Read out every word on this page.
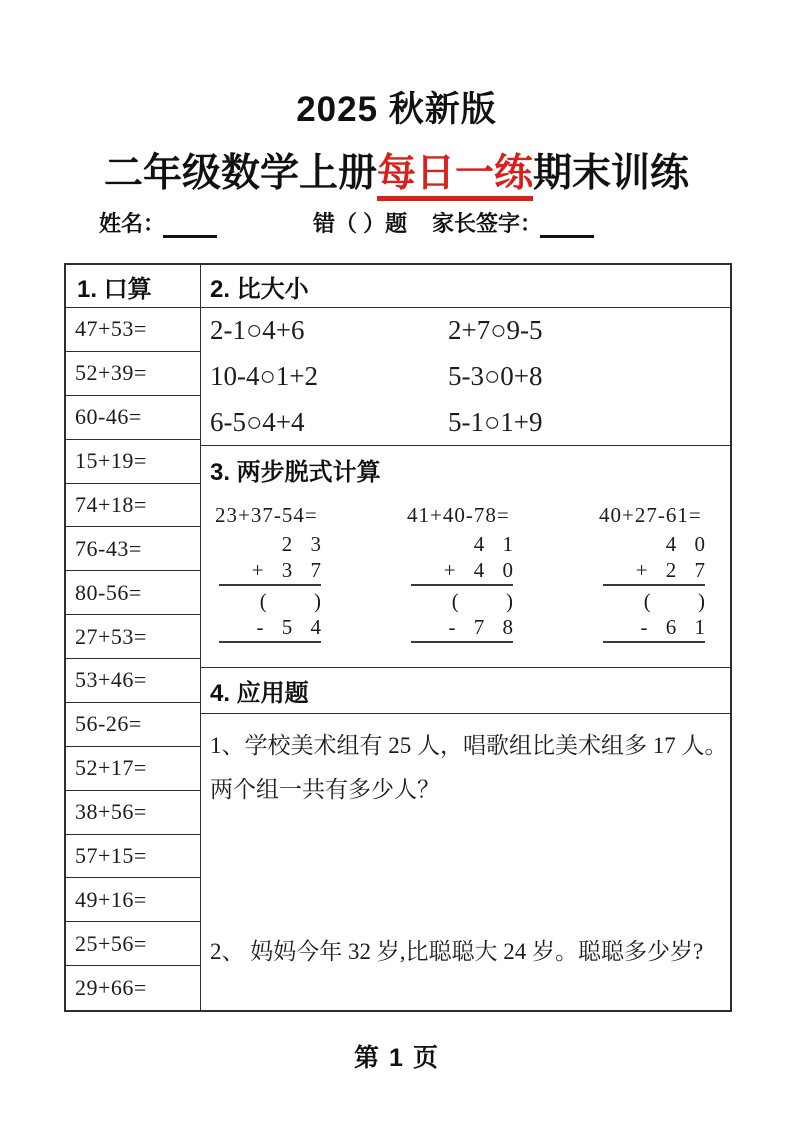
2025 秋新版
二年级数学上册每日一练期末训练
姓名：	错（ ）题 家长签字：
1. 口算
47+53=
52+39=
60-46=
15+19=
74+18=
76-43=
80-56=
27+53=
53+46=
56-26=
52+17=
38+56=
57+15=
49+16=
25+56=
29+66=
2. 比大小
2-1○4+6	2+7○9-5
10-4○1+2	5-3○0+8
6-5○4+4	5-1○1+9
3. 两步脱式计算
23+37-54=
2 3
+ 3 7
( )
- 5 4
41+40-78=
4 1
+ 4 0
( )
- 7 8
40+27-61=
4 0
+ 2 7
( )
- 6 1
4. 应用题
1、学校美术组有 25 人，唱歌组比美术组多 17 人。
两个组一共有多少人？
2、 妈妈今年 32 岁,比聪聪大 24 岁。聪聪多少岁?
第 1 页
